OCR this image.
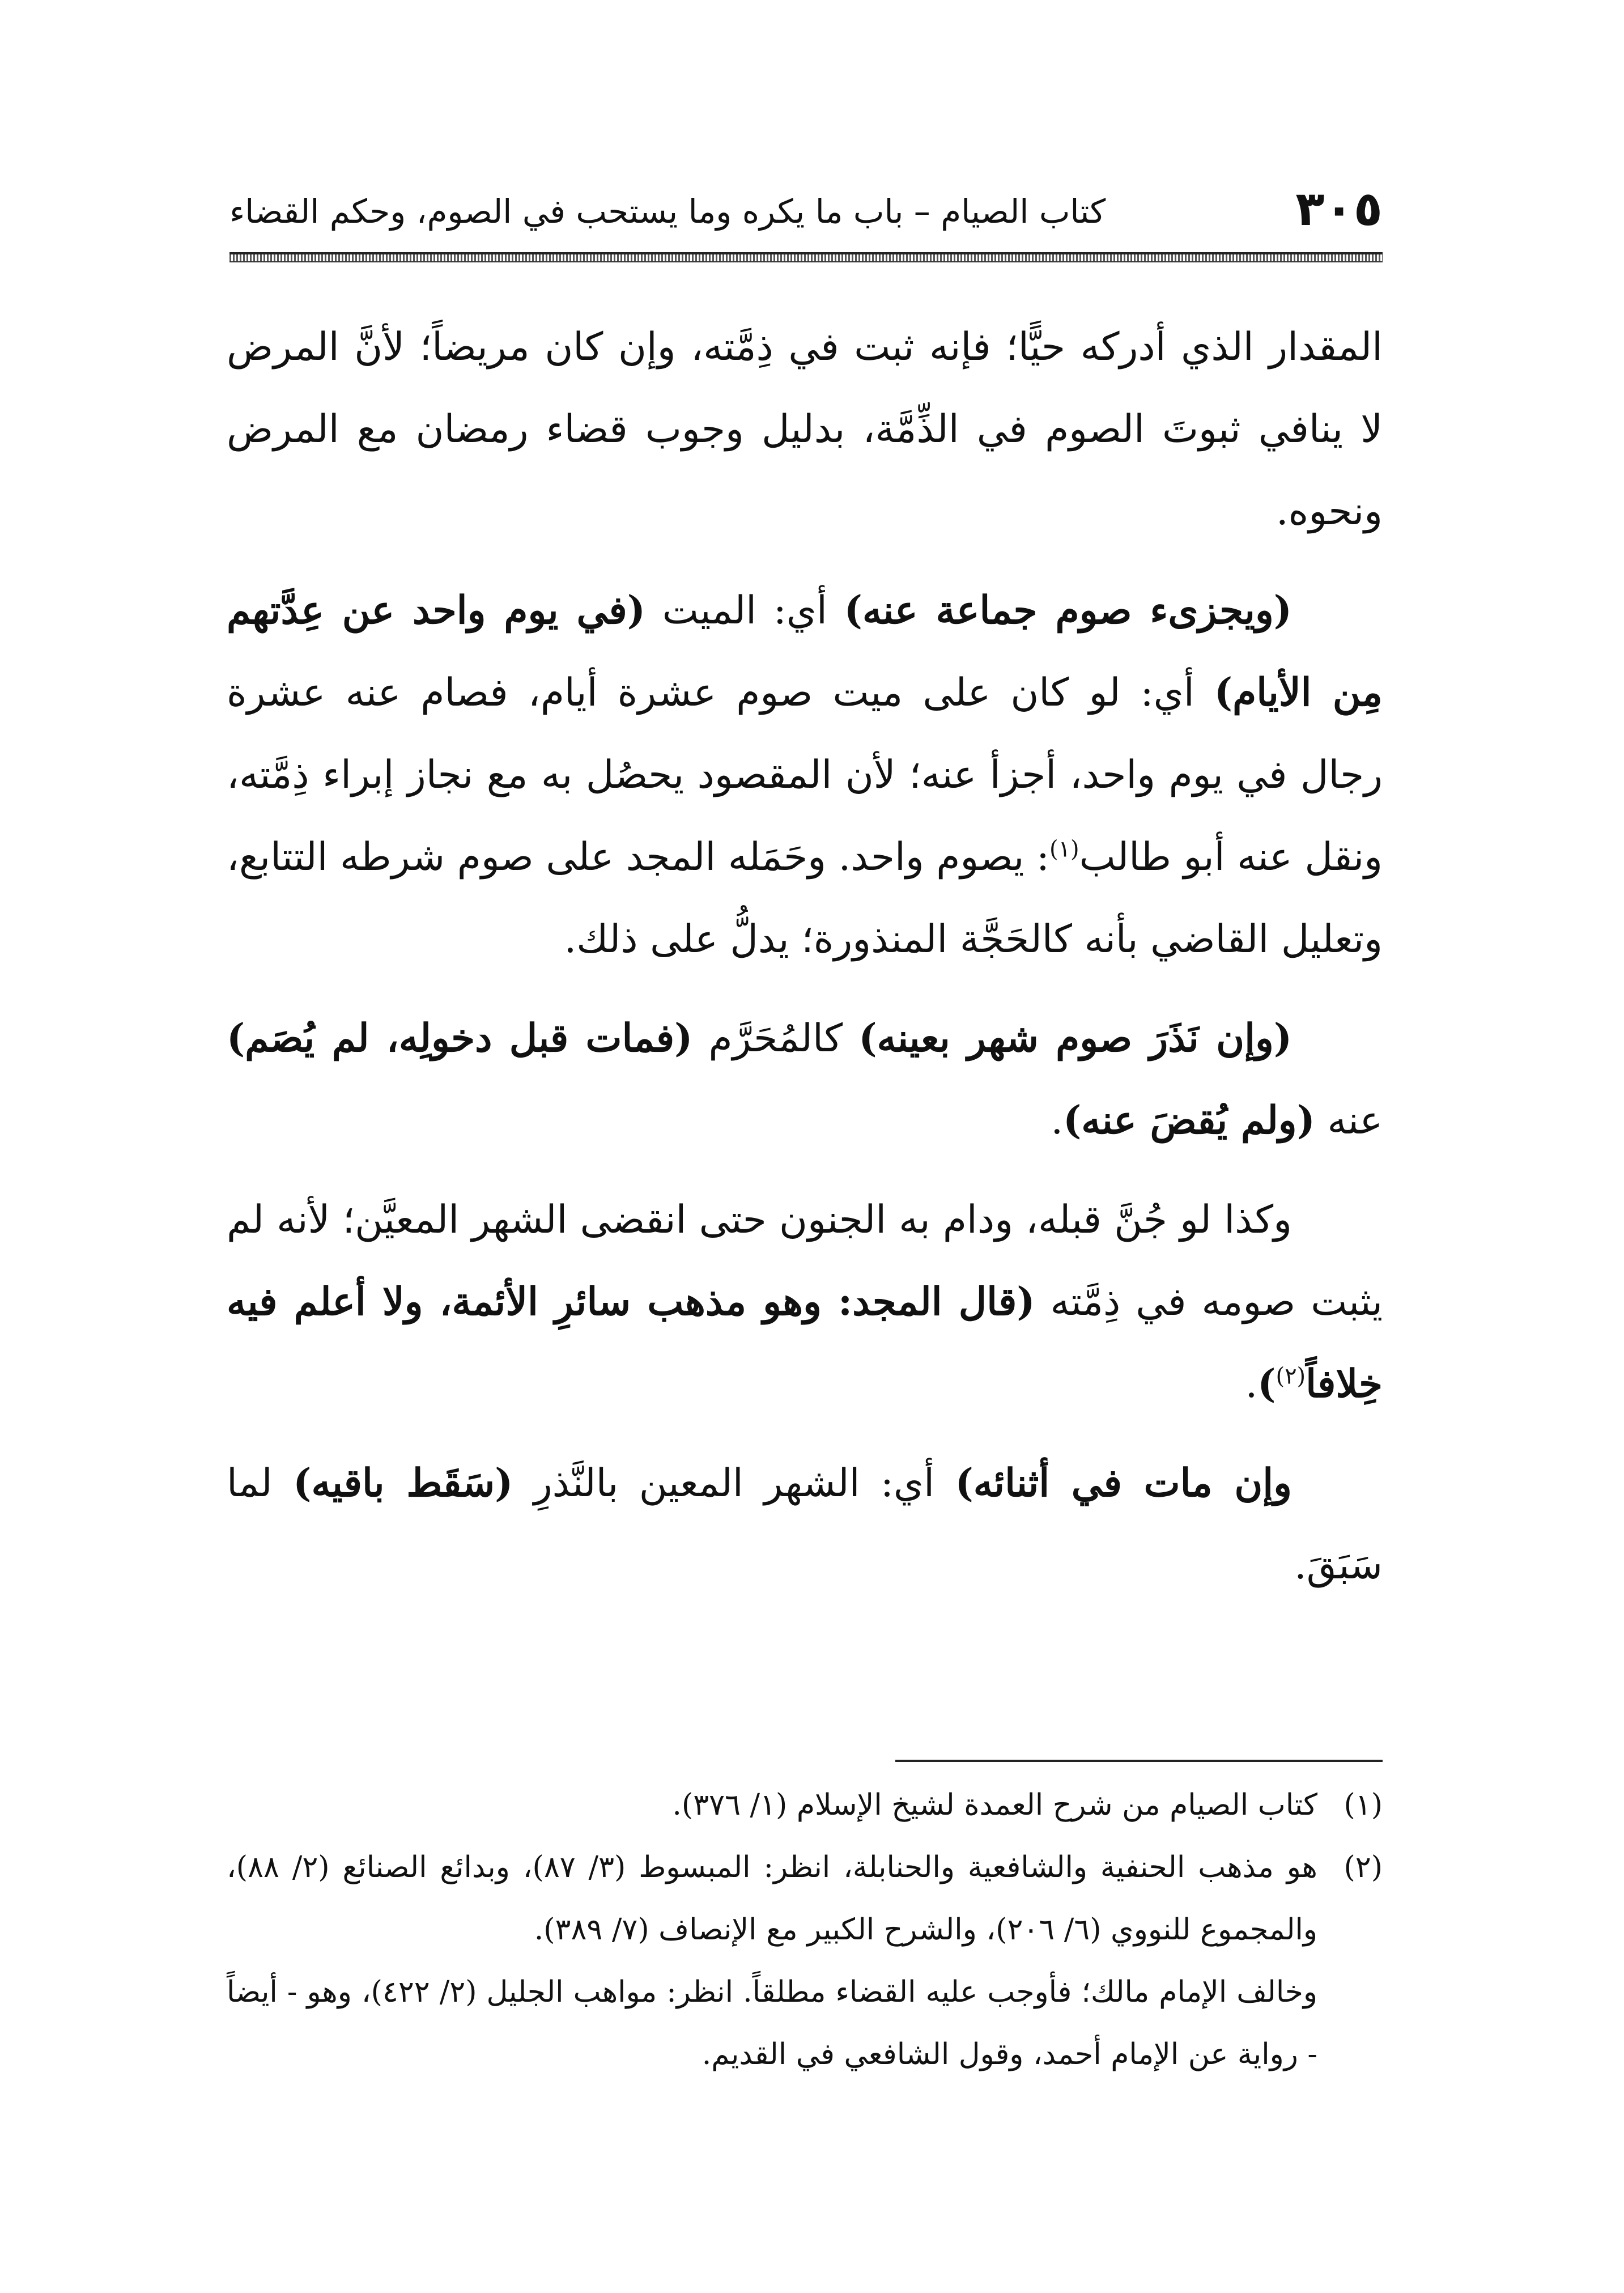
٣٠٥
كتاب الصيام – باب ما يكره وما يستحب في الصوم، وحكم القضاء

المقدار الذي أدركه حيًّا؛ فإنه ثبت في ذِمَّته، وإن كان مريضاً؛ لأنَّ المرض لا ينافي ثبوتَ الصوم في الذِّمَّة، بدليل وجوب قضاء رمضان مع المرض ونحوه.

(ويجزىء صوم جماعة عنه) أي: الميت (في يوم واحد عن عِدَّتهم مِن الأيام) أي: لو كان على ميت صوم عشرة أيام، فصام عنه عشرة رجال في يوم واحد، أجزأ عنه؛ لأن المقصود يحصُل به مع نجاز إبراء ذِمَّته، ونقل عنه أبو طالب$^{(١)}$: يصوم واحد. وحَمَله المجد على صوم شرطه التتابع، وتعليل القاضي بأنه كالحَجَّة المنذورة؛ يدلُّ على ذلك.

(وإن نَذَرَ صوم شهر بعينه) كالمُحَرَّم (فمات قبل دخولِه، لم يُصَم) عنه (ولم يُقضَ عنه).

وكذا لو جُنَّ قبله، ودام به الجنون حتى انقضى الشهر المعيَّن؛ لأنه لم يثبت صومه في ذِمَّته (قال المجد: وهو مذهب سائرِ الأئمة، ولا أعلم فيه خِلافاً$^{(٢)}$).

وإن مات في أثنائه) أي: الشهر المعين بالنَّذرِ (سَقَط باقيه) لما سَبَقَ.

(١)
كتاب الصيام من شرح العمدة لشيخ الإسلام (١/ ٣٧٦).

(٢)
هو مذهب الحنفية والشافعية والحنابلة، انظر: المبسوط (٣/ ٨٧)، وبدائع الصنائع (٢/ ٨٨)، والمجموع للنووي (٦/ ٢٠٦)، والشرح الكبير مع الإنصاف (٧/ ٣٨٩).

وخالف الإمام مالك؛ فأوجب عليه القضاء مطلقاً. انظر: مواهب الجليل (٢/ ٤٢٢)، وهو - أيضاً - رواية عن الإمام أحمد، وقول الشافعي في القديم.
